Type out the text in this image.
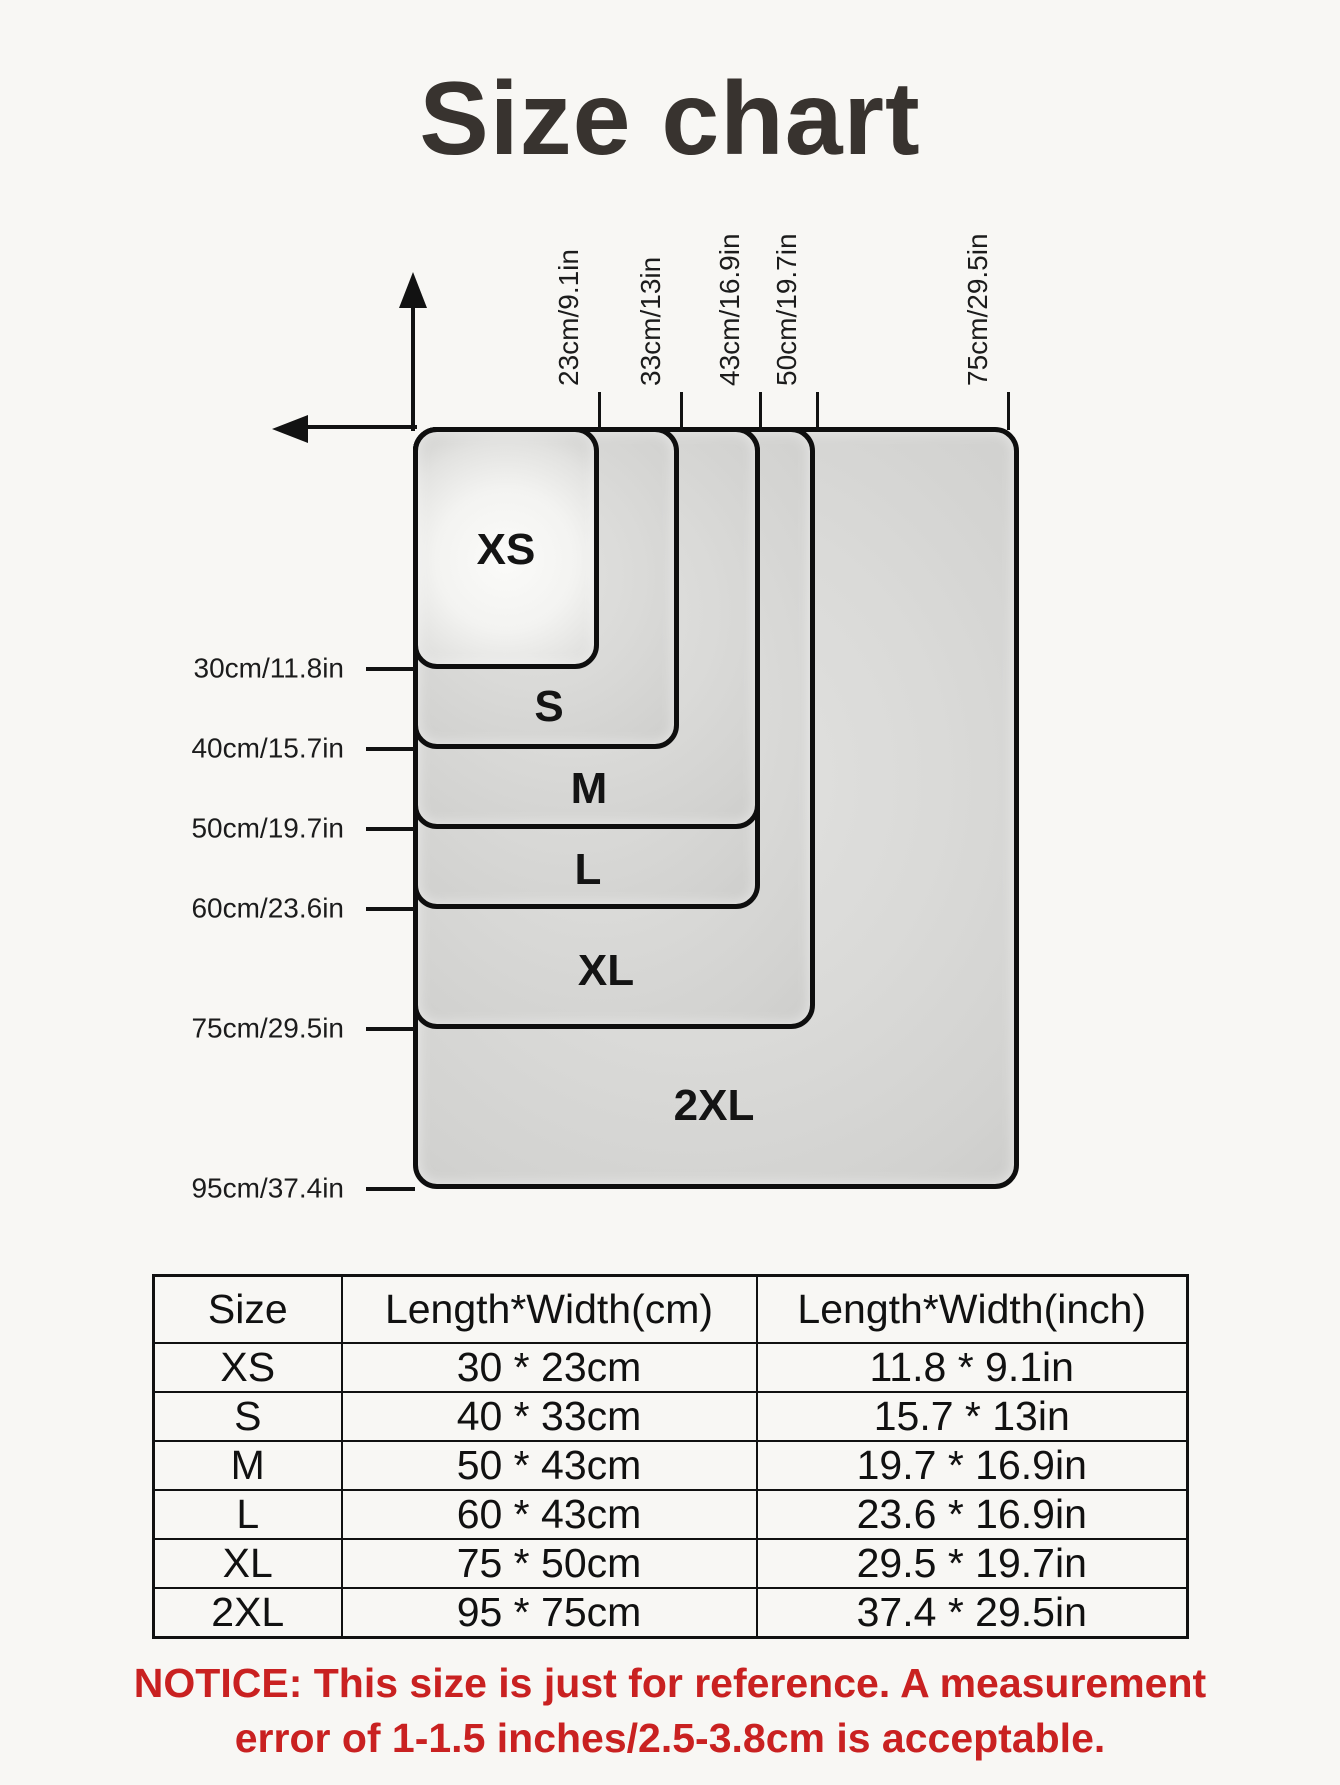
Size chart
XS
S
M
L
XL
2XL
23cm/9.1in 33cm/13in 43cm/16.9in 50cm/19.7in	75cm/29.5in
30cm/11.8in
40cm/15.7in
50cm/19.7in
60cm/23.6in
75cm/29.5in
95cm/37.4in
Size	Length*Width(cm)	Length*Width(inch)
XS	30 * 23cm	11.8 * 9.1in
S	40 * 33cm	15.7 * 13in
M	50 * 43cm	19.7 * 16.9in
L	60 * 43cm	23.6 * 16.9in
XL	75 * 50cm	29.5 * 19.7in
2XL	95 * 75cm	37.4 * 29.5in
NOTICE: This size is just for reference. A measurement
error of 1-1.5 inches/2.5-3.8cm is acceptable.
